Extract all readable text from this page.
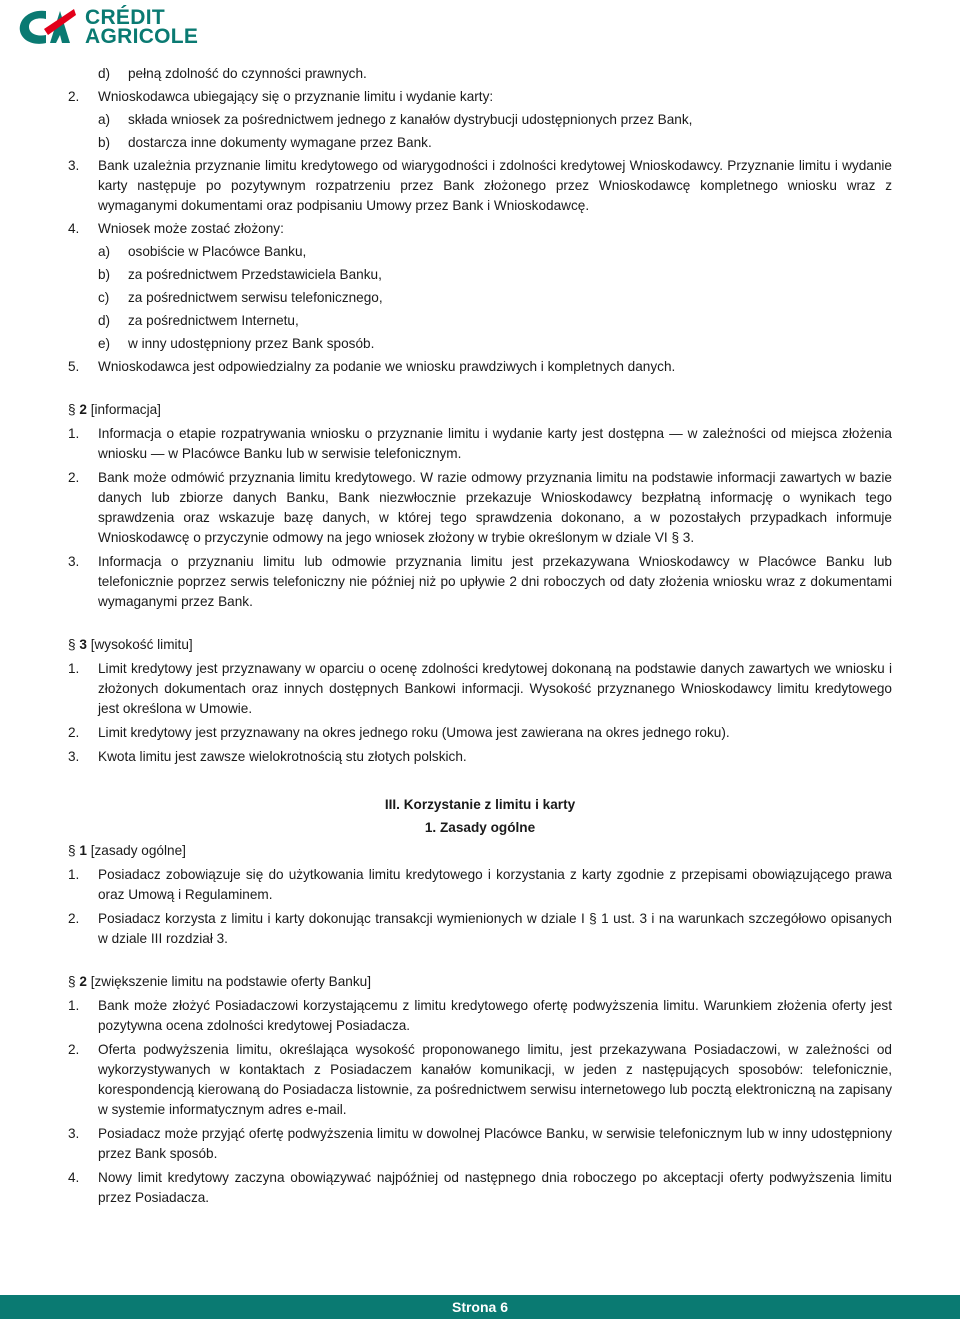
CRÉDIT
AGRICOLE
d)	pełną zdolność do czynności prawnych.
2.	Wnioskodawca ubiegający się o przyznanie limitu i wydanie karty:
a)	składa wniosek za pośrednictwem jednego z kanałów dystrybucji udostępnionych przez Bank,
b)	dostarcza inne dokumenty wymagane przez Bank.
3.	Bank uzależnia przyznanie limitu kredytowego od wiarygodności i zdolności kredytowej Wnioskodawcy. Przyznanie limitu i wydanie karty następuje po pozytywnym rozpatrzeniu przez Bank złożonego przez Wnioskodawcę kompletnego wniosku wraz z wymaganymi dokumentami oraz podpisaniu Umowy przez Bank i Wnioskodawcę.
4.	Wniosek może zostać złożony:
a)	osobiście w Placówce Banku,
b)	za pośrednictwem Przedstawiciela Banku,
c)	za pośrednictwem serwisu telefonicznego,
d)	za pośrednictwem Internetu,
e)	w inny udostępniony przez Bank sposób.
5.	Wnioskodawca jest odpowiedzialny za podanie we wniosku prawdziwych i kompletnych danych.
§ 2 [informacja]
1.	Informacja o etapie rozpatrywania wniosku o przyznanie limitu i wydanie karty jest dostępna — w zależności od miejsca złożenia wniosku — w Placówce Banku lub w serwisie telefonicznym.
2.	Bank może odmówić przyznania limitu kredytowego. W razie odmowy przyznania limitu na podstawie informacji zawartych w bazie danych lub zbiorze danych Banku, Bank niezwłocznie przekazuje Wnioskodawcy bezpłatną informację o wynikach tego sprawdzenia oraz wskazuje bazę danych, w której tego sprawdzenia dokonano, a w pozostałych przypadkach informuje Wnioskodawcę o przyczynie odmowy na jego wniosek złożony w trybie określonym w dziale VI § 3.
3.	Informacja o przyznaniu limitu lub odmowie przyznania limitu jest przekazywana Wnioskodawcy w Placówce Banku lub telefonicznie poprzez serwis telefoniczny nie później niż po upływie 2 dni roboczych od daty złożenia wniosku wraz z dokumentami wymaganymi przez Bank.
§ 3 [wysokość limitu]
1.	Limit kredytowy jest przyznawany w oparciu o ocenę zdolności kredytowej dokonaną na podstawie danych zawartych we wniosku i złożonych dokumentach oraz innych dostępnych Bankowi informacji. Wysokość przyznanego Wnioskodawcy limitu kredytowego jest określona w Umowie.
2.	Limit kredytowy jest przyznawany na okres jednego roku (Umowa jest zawierana na okres jednego roku).
3.	Kwota limitu jest zawsze wielokrotnością stu złotych polskich.
III. Korzystanie z limitu i karty
1. Zasady ogólne
§ 1 [zasady ogólne]
1.	Posiadacz zobowiązuje się do użytkowania limitu kredytowego i korzystania z karty zgodnie z przepisami obowiązującego prawa oraz Umową i Regulaminem.
2.	Posiadacz korzysta z limitu i karty dokonując transakcji wymienionych w dziale I § 1 ust. 3 i na warunkach szczegółowo opisanych w dziale III rozdział 3.
§ 2 [zwiększenie limitu na podstawie oferty Banku]
1.	Bank może złożyć Posiadaczowi korzystającemu z limitu kredytowego ofertę podwyższenia limitu. Warunkiem złożenia oferty jest pozytywna ocena zdolności kredytowej Posiadacza.
2.	Oferta podwyższenia limitu, określająca wysokość proponowanego limitu, jest przekazywana Posiadaczowi, w zależności od wykorzystywanych w kontaktach z Posiadaczem kanałów komunikacji, w jeden z następujących sposobów: telefonicznie, korespondencją kierowaną do Posiadacza listownie, za pośrednictwem serwisu internetowego lub pocztą elektroniczną na zapisany w systemie informatycznym adres e-mail.
3.	Posiadacz może przyjąć ofertę podwyższenia limitu w dowolnej Placówce Banku, w serwisie telefonicznym lub w inny udostępniony przez Bank sposób.
4.	Nowy limit kredytowy zaczyna obowiązywać najpóźniej od następnego dnia roboczego po akceptacji oferty podwyższenia limitu przez Posiadacza.
Strona 6
